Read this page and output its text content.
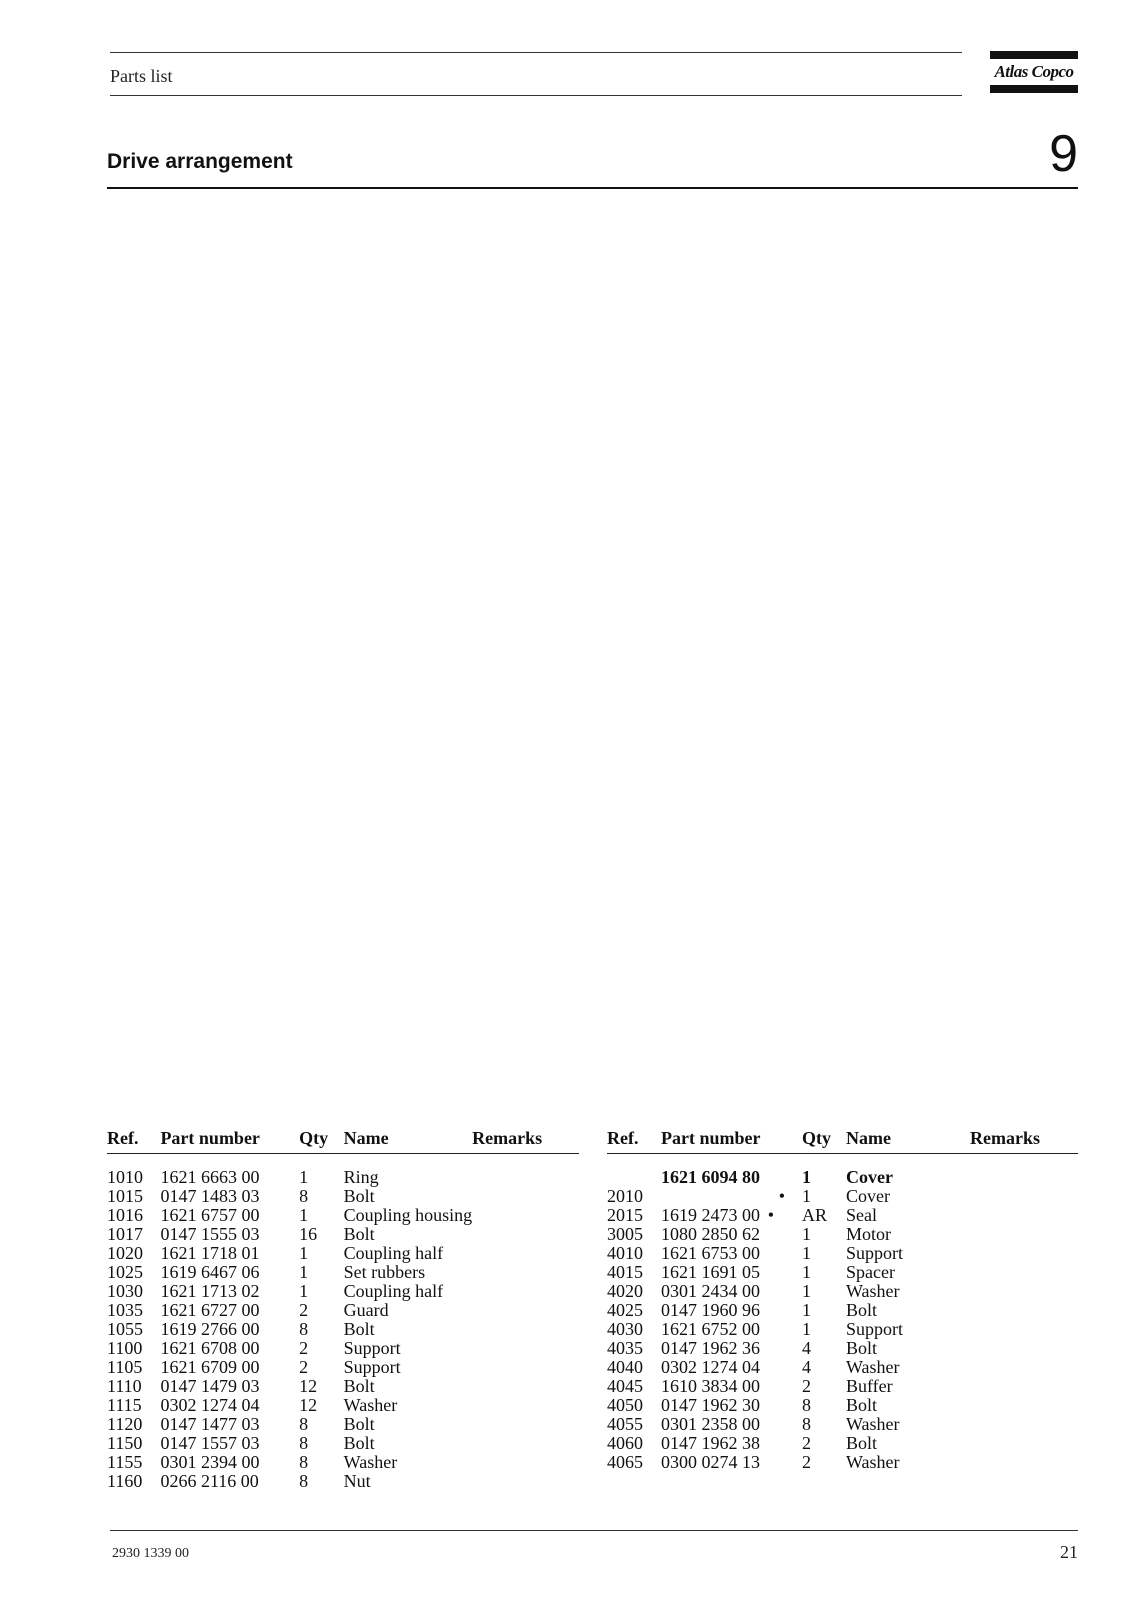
Parts list	Atlas Copco
Drive arrangement	9
Ref.	Part number	Qty	Name	Remarks

1010	1621 6663 00	1	Ring	
1015	0147 1483 03	8	Bolt	
1016	1621 6757 00	1	Coupling housing	
1017	0147 1555 03	16	Bolt	
1020	1621 1718 01	1	Coupling half	
1025	1619 6467 06	1	Set rubbers	
1030	1621 1713 02	1	Coupling half	
1035	1621 6727 00	2	Guard	
1055	1619 2766 00	8	Bolt	
1100	1621 6708 00	2	Support	
1105	1621 6709 00	2	Support	
1110	0147 1479 03	12	Bolt	
1115	0302 1274 04	12	Washer	
1120	0147 1477 03	8	Bolt	
1150	0147 1557 03	8	Bolt	
1155	0301 2394 00	8	Washer	
1160	0266 2116 00	8	Nut	
Ref.	Part number	Qty	Name	Remarks

	1621 6094 80	1	Cover	
2010	•	1	Cover	
2015	1619 2473 00 •	AR	Seal	
3005	1080 2850 62	1	Motor	
4010	1621 6753 00	1	Support	
4015	1621 1691 05	1	Spacer	
4020	0301 2434 00	1	Washer	
4025	0147 1960 96	1	Bolt	
4030	1621 6752 00	1	Support	
4035	0147 1962 36	4	Bolt	
4040	0302 1274 04	4	Washer	
4045	1610 3834 00	2	Buffer	
4050	0147 1962 30	8	Bolt	
4055	0301 2358 00	8	Washer	
4060	0147 1962 38	2	Bolt	
4065	0300 0274 13	2	Washer	
2930 1339 00	21
